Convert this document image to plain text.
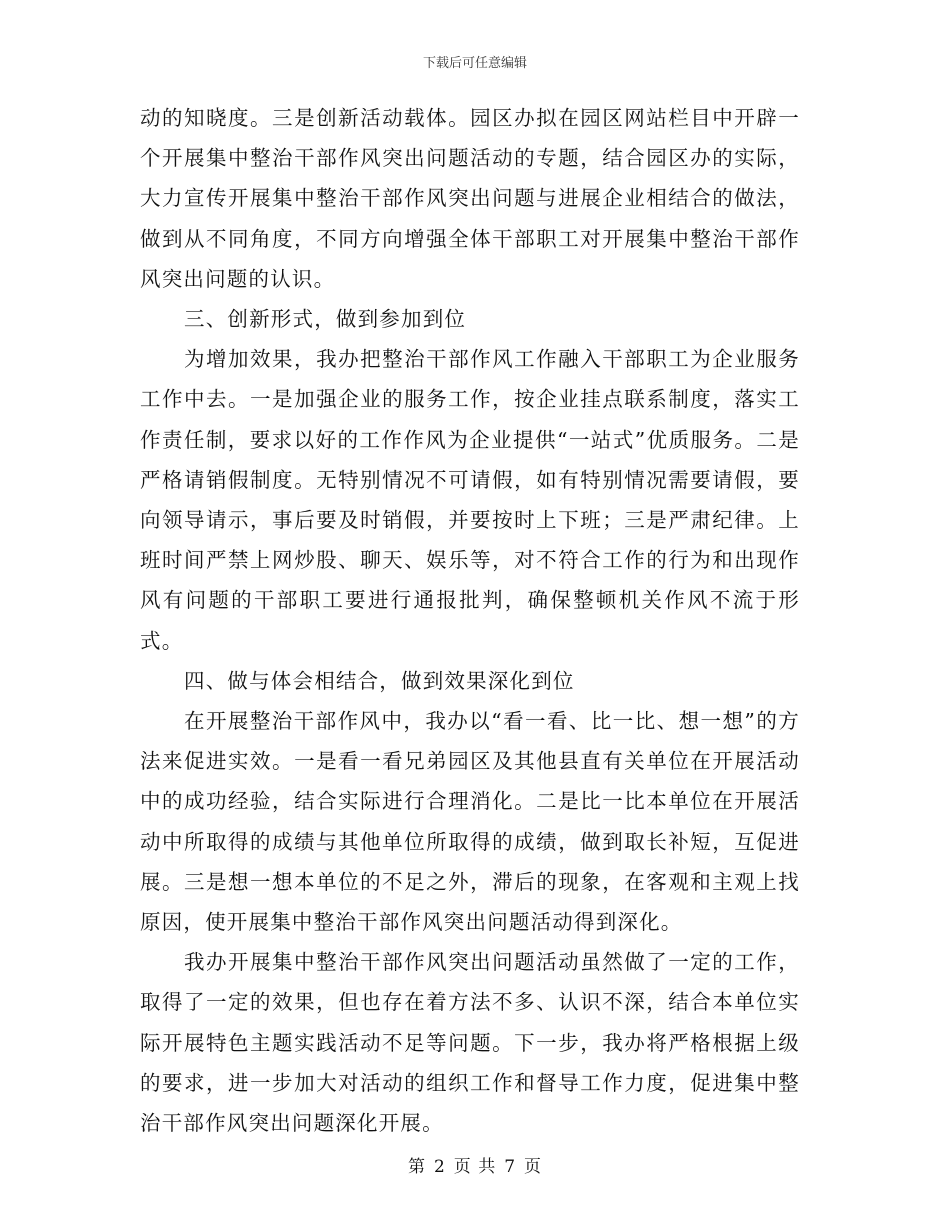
下载后可任意编辑

动的知晓度。三是创新活动载体。园区办拟在园区网站栏目中开辟一个开展集中整治干部作风突出问题活动的专题，结合园区办的实际，大力宣传开展集中整治干部作风突出问题与进展企业相结合的做法，做到从不同角度，不同方向增强全体干部职工对开展集中整治干部作风突出问题的认识。

三、创新形式，做到参加到位

为增加效果，我办把整治干部作风工作融入干部职工为企业服务工作中去。一是加强企业的服务工作，按企业挂点联系制度，落实工作责任制，要求以好的工作作风为企业提供“一站式”优质服务。二是严格请销假制度。无特别情况不可请假，如有特别情况需要请假，要向领导请示，事后要及时销假，并要按时上下班；三是严肃纪律。上班时间严禁上网炒股、聊天、娱乐等，对不符合工作的行为和出现作风有问题的干部职工要进行通报批判，确保整顿机关作风不流于形式。

四、做与体会相结合，做到效果深化到位

在开展整治干部作风中，我办以“看一看、比一比、想一想”的方法来促进实效。一是看一看兄弟园区及其他县直有关单位在开展活动中的成功经验，结合实际进行合理消化。二是比一比本单位在开展活动中所取得的成绩与其他单位所取得的成绩，做到取长补短，互促进展。三是想一想本单位的不足之外，滞后的现象，在客观和主观上找原因，使开展集中整治干部作风突出问题活动得到深化。

我办开展集中整治干部作风突出问题活动虽然做了一定的工作，取得了一定的效果，但也存在着方法不多、认识不深，结合本单位实际开展特色主题实践活动不足等问题。下一步，我办将严格根据上级的要求，进一步加大对活动的组织工作和督导工作力度，促进集中整治干部作风突出问题深化开展。

第 2 页 共 7 页
